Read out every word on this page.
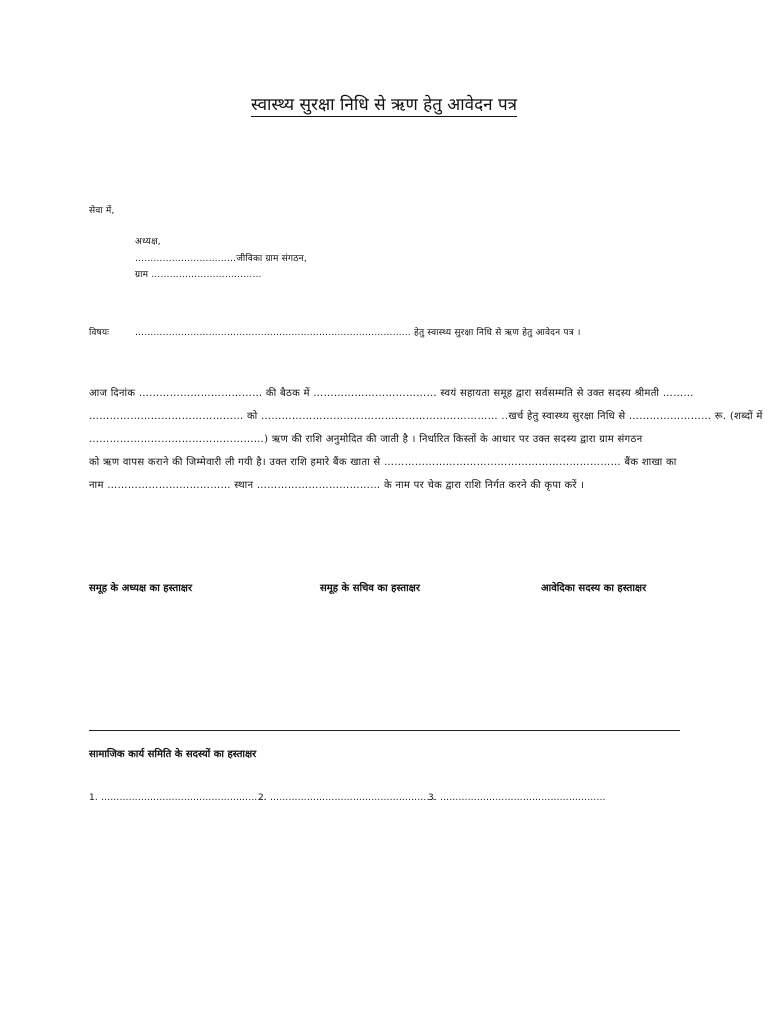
स्वास्थ्य सुरक्षा निधि से ऋण हेतु आवेदन पत्र
सेवा में,
अध्यक्ष,
……………………………जीविका ग्राम संगठन,
ग्राम ………………………………
विषयः	……………………………………………………………………………… हेतु स्वास्थ्य सुरक्षा निधि से ऋण हेतु आवेदन पत्र ।
आज दिनांक ……………………………… की बैठक में ……………………………… स्वयं सहायता समूह द्वारा सर्वसम्मति से उक्त सदस्य श्रीमती ………
……………………………………… को …………………………………………………………… ..खर्च हेतु स्वास्थ्य सुरक्षा निधि से …………………… रू. (शब्दों में
……………………………………………) ऋण की राशि अनुमोदित की जाती है । निर्धारित किस्तों के आधार पर उक्त सदस्य द्वारा ग्राम संगठन
को ऋण वापस कराने की जिम्मेवारी ली गयी है। उक्त राशि हमारे बैंक खाता से …………………………………………………………… बैंक शाखा का
नाम ……………………………… स्थान ……………………………… के नाम पर चेक द्वारा राशि निर्गत करने की कृपा करें ।
समूह के अध्यक्ष का हस्ताक्षर	समूह के सचिव का हस्ताक्षर	आवेदिका सदस्य का हस्ताक्षर
सामाजिक कार्य समिति के सदस्यों का हस्ताक्षर
1. ………………………………………………
2. ………………………………………………
3. ………………………………………………
